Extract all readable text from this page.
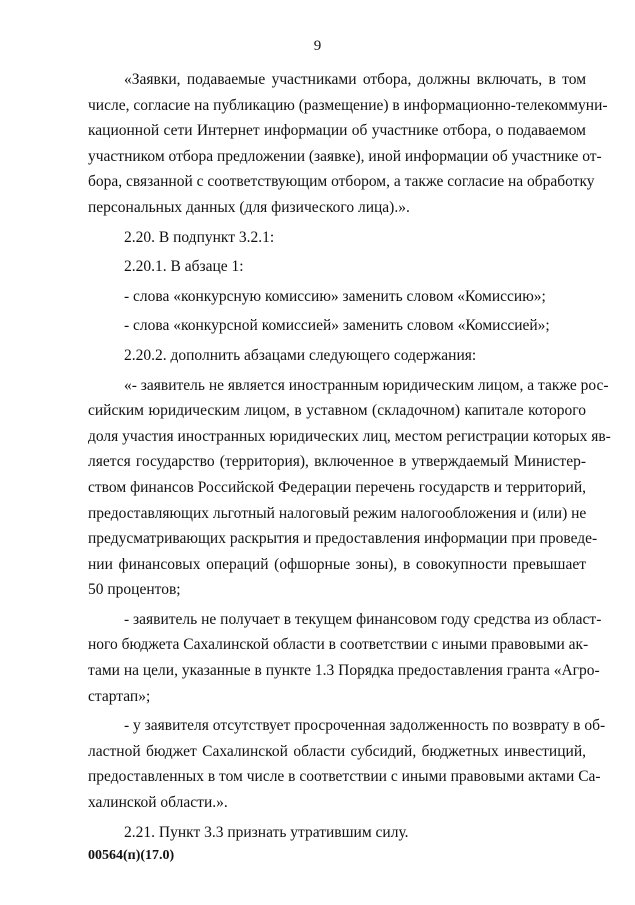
9
«Заявки, подаваемые участниками отбора, должны включать, в том
числе, согласие на публикацию (размещение) в информационно-телекоммуни-
кационной сети Интернет информации об участнике отбора, о подаваемом
участником отбора предложении (заявке), иной информации об участнике от-
бора, связанной с соответствующим отбором, а также согласие на обработку
персональных данных (для физического лица).».
2.20. В подпункт 3.2.1:
2.20.1. В абзаце 1:
- слова «конкурсную комиссию» заменить словом «Комиссию»;
- слова «конкурсной комиссией» заменить словом «Комиссией»;
2.20.2. дополнить абзацами следующего содержания:
«- заявитель не является иностранным юридическим лицом, а также рос-
сийским юридическим лицом, в уставном (складочном) капитале которого
доля участия иностранных юридических лиц, местом регистрации которых яв-
ляется государство (территория), включенное в утверждаемый Министер-
ством финансов Российской Федерации перечень государств и территорий,
предоставляющих льготный налоговый режим налогообложения и (или) не
предусматривающих раскрытия и предоставления информации при проведе-
нии финансовых операций (офшорные зоны), в совокупности превышает
50 процентов;
- заявитель не получает в текущем финансовом году средства из област-
ного бюджета Сахалинской области в соответствии с иными правовыми ак-
тами на цели, указанные в пункте 1.3 Порядка предоставления гранта «Агро-
стартап»;
- у заявителя отсутствует просроченная задолженность по возврату в об-
ластной бюджет Сахалинской области субсидий, бюджетных инвестиций,
предоставленных в том числе в соответствии с иными правовыми актами Са-
халинской области.».
2.21. Пункт 3.3 признать утратившим силу.
00564(п)(17.0)
